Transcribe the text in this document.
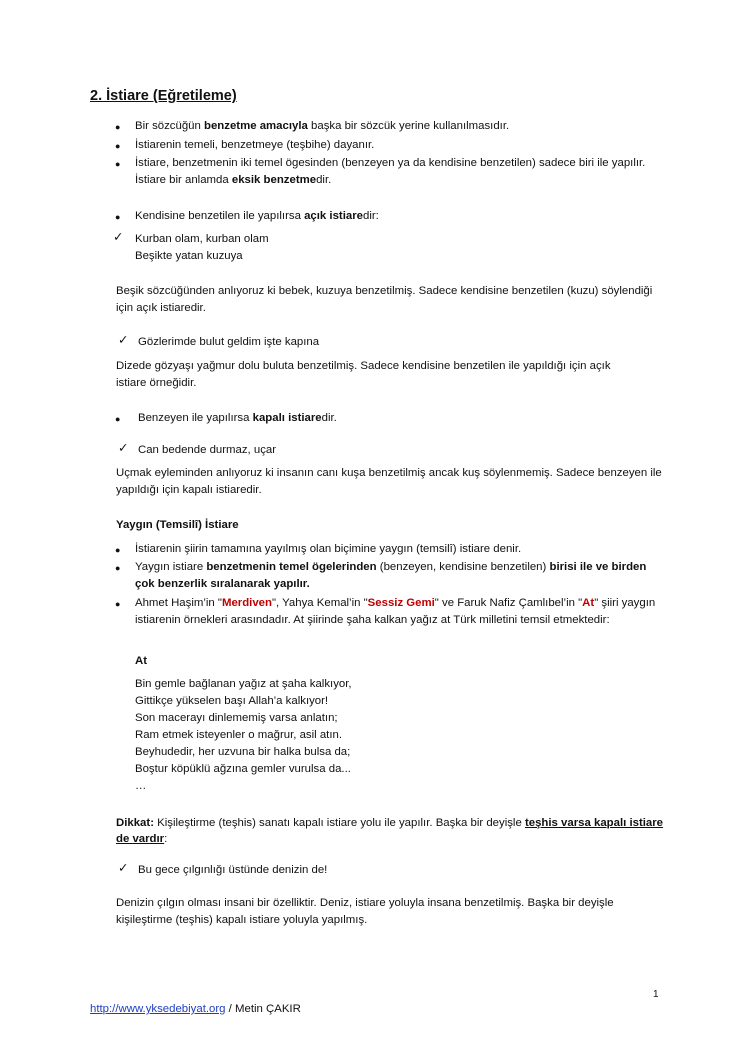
2. İstiare (Eğretileme)
● Bir sözcüğün benzetme amacıyla başka bir sözcük yerine kullanılmasıdır.
● İstiarenin temeli, benzetmeye (teşbihe) dayanır.
● İstiare, benzetmenin iki temel ögesinden (benzeyen ya da kendisine benzetilen) sadece biri ile yapılır.
İstiare bir anlamda eksik benzetmedir.
● Kendisine benzetilen ile yapılırsa açık istiaredir:
✓ Kurban olam, kurban olam
Beşikte yatan kuzuya
Beşik sözcüğünden anlıyoruz ki bebek, kuzuya benzetilmiş. Sadece kendisine benzetilen (kuzu) söylendiği
için açık istiaredir.
✓ Gözlerimde bulut geldim işte kapına
Dizede gözyaşı yağmur dolu buluta benzetilmiş. Sadece kendisine benzetilen ile yapıldığı için açık
istiare örneğidir.
● Benzeyen ile yapılırsa kapalı istiaredir.
✓ Can bedende durmaz, uçar
Uçmak eyleminden anlıyoruz ki insanın canı kuşa benzetilmiş ancak kuş söylenmemiş. Sadece benzeyen ile
yapıldığı için kapalı istiaredir.
Yaygın (Temsilî) İstiare
● İstiarenin şiirin tamamına yayılmış olan biçimine yaygın (temsilî) istiare denir.
● Yaygın istiare benzetmenin temel ögelerinden (benzeyen, kendisine benzetilen) birisi ile ve birden
çok benzerlik sıralanarak yapılır.
● Ahmet Haşim’in "Merdiven", Yahya Kemal’in "Sessiz Gemi" ve Faruk Nafiz Çamlıbel’in "At" şiiri yaygın
istiarenin örnekleri arasındadır. At şiirinde şaha kalkan yağız at Türk milletini temsil etmektedir:
At
Bin gemle bağlanan yağız at şaha kalkıyor,
Gittikçe yükselen başı Allah’a kalkıyor!
Son macerayı dinlememiş varsa anlatın;
Ram etmek isteyenler o mağrur, asil atın.
Beyhudedir, her uzvuna bir halka bulsa da;
Boştur köpüklü ağzına gemler vurulsa da...
…
Dikkat: Kişileştirme (teşhis) sanatı kapalı istiare yolu ile yapılır. Başka bir deyişle teşhis varsa kapalı istiare
de vardır:
✓ Bu gece çılgınlığı üstünde denizin de!
Denizin çılgın olması insani bir özelliktir. Deniz, istiare yoluyla insana benzetilmiş. Başka bir deyişle
kişileştirme (teşhis) kapalı istiare yoluyla yapılmış.
1
http://www.yksedebiyat.org / Metin ÇAKIR
